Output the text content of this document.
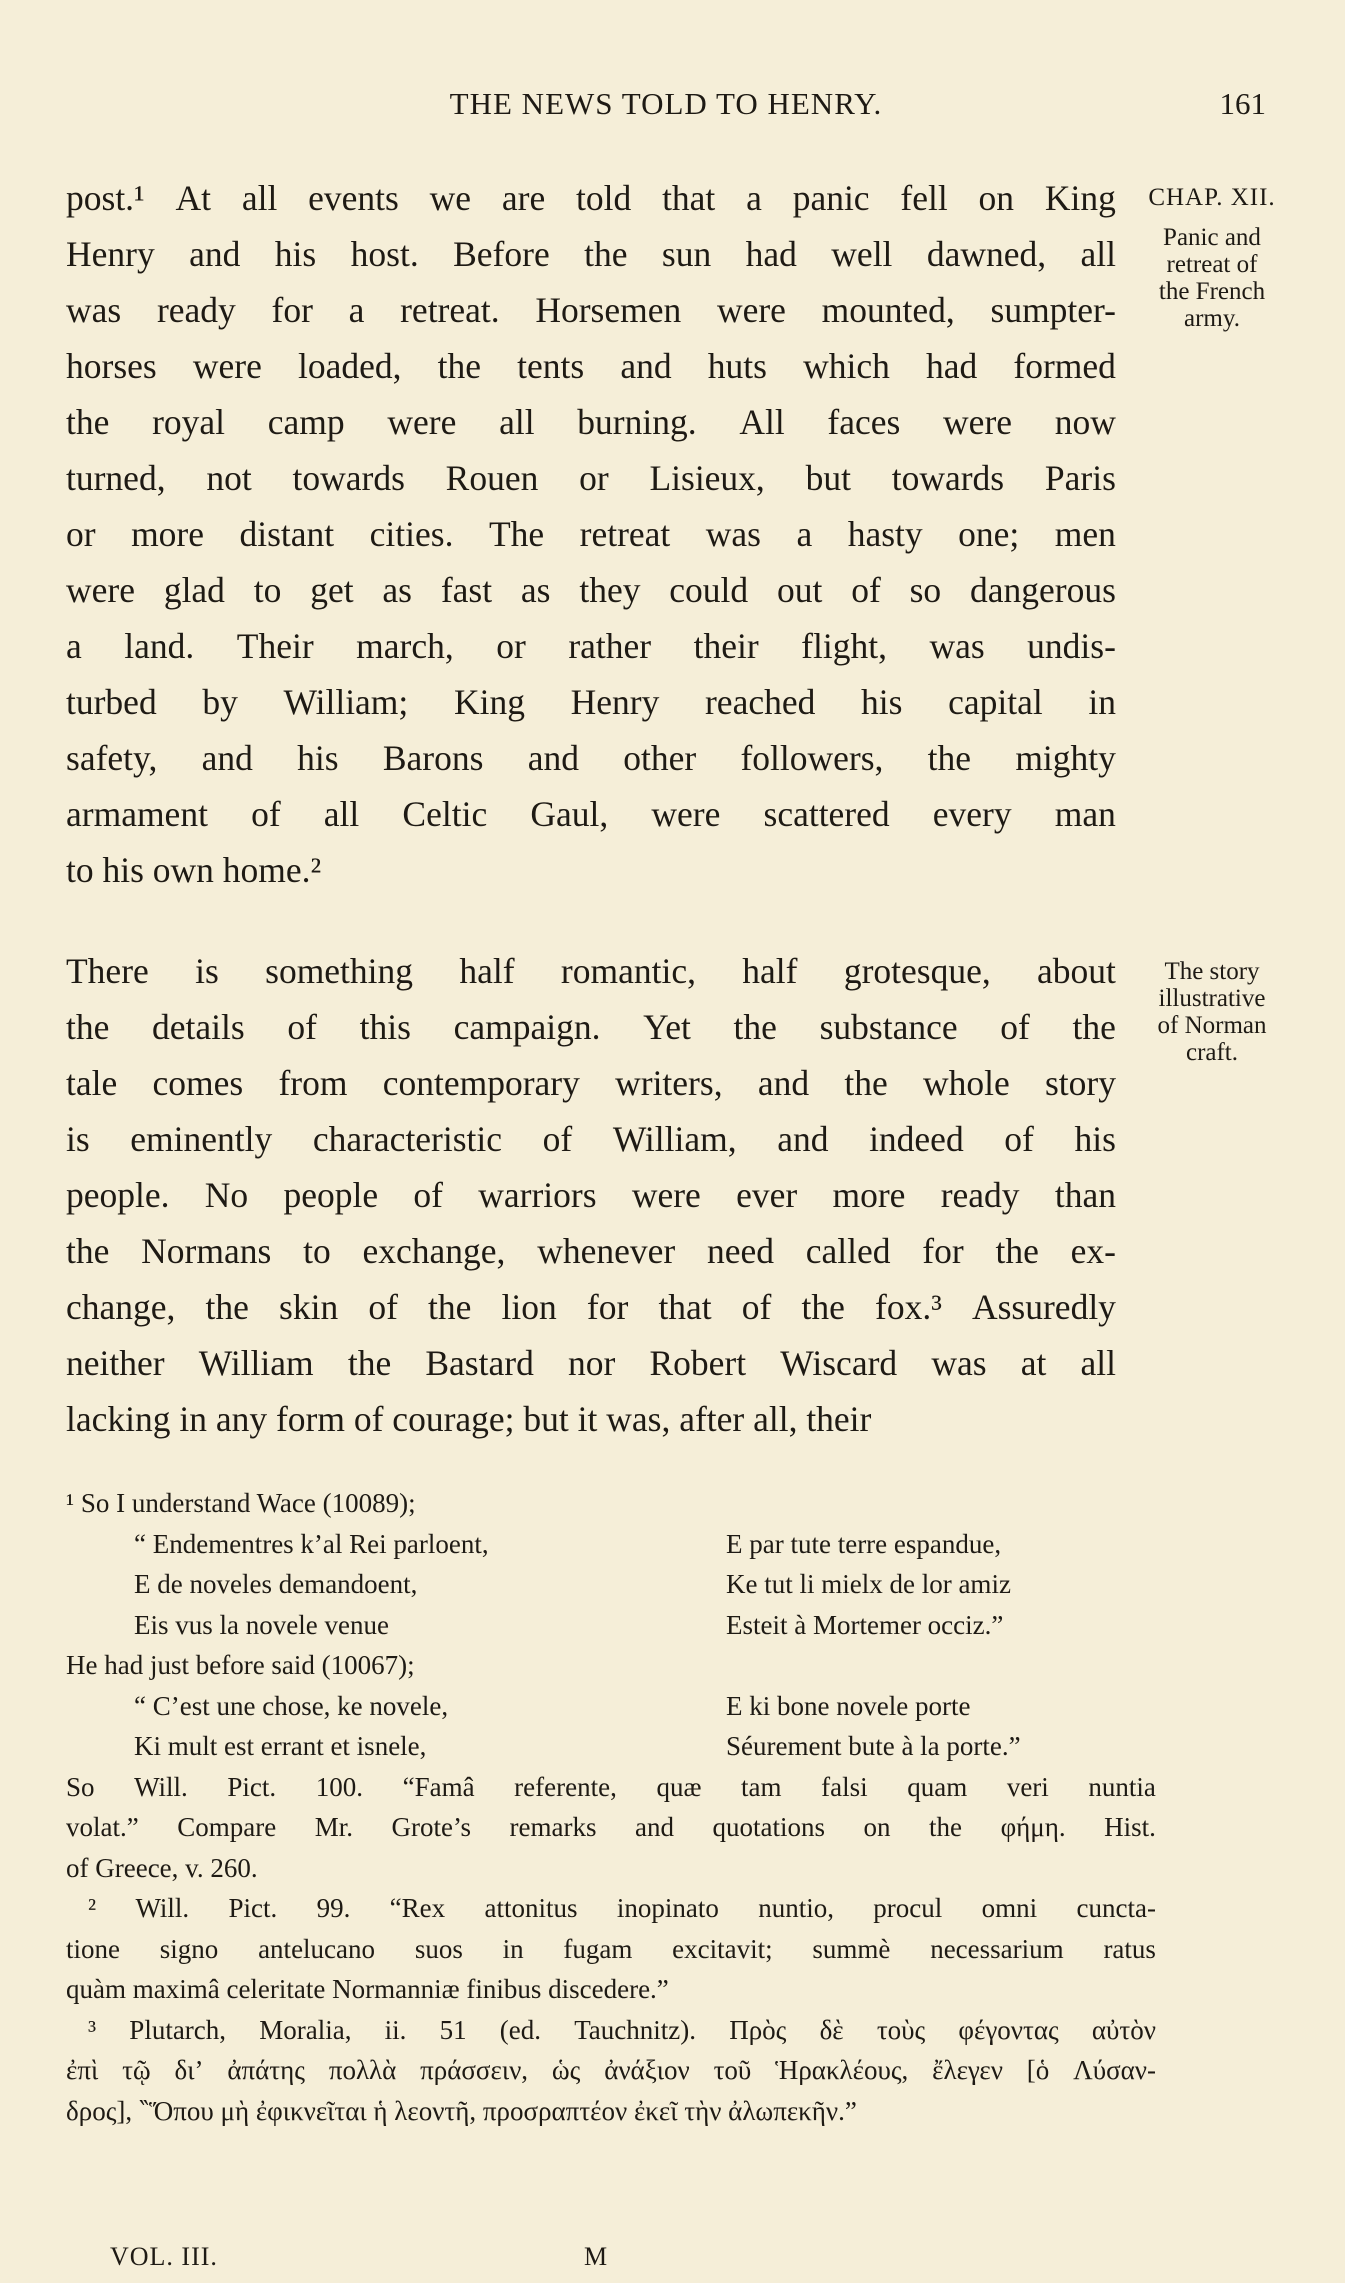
THE NEWS TOLD TO HENRY.	161
post.¹ At all events we are told that a panic fell on King
Henry and his host. Before the sun had well dawned, all
was ready for a retreat. Horsemen were mounted, sumpter-
horses were loaded, the tents and huts which had formed
the royal camp were all burning. All faces were now
turned, not towards Rouen or Lisieux, but towards Paris
or more distant cities. The retreat was a hasty one; men
were glad to get as fast as they could out of so dangerous
a land. Their march, or rather their flight, was undis-
turbed by William; King Henry reached his capital in
safety, and his Barons and other followers, the mighty
armament of all Celtic Gaul, were scattered every man
to his own home.²
There is something half romantic, half grotesque, about
the details of this campaign. Yet the substance of the
tale comes from contemporary writers, and the whole story
is eminently characteristic of William, and indeed of his
people. No people of warriors were ever more ready than
the Normans to exchange, whenever need called for the ex-
change, the skin of the lion for that of the fox.³ Assuredly
neither William the Bastard nor Robert Wiscard was at all
lacking in any form of courage; but it was, after all, their
CHAP. XII.
Panic and
retreat of
the French
army.
The story
illustrative
of Norman
craft.
¹ So I understand Wace (10089);
“ Endementres k’al Rei parloent,	E par tute terre espandue,
E de noveles demandoent,	Ke tut li mielx de lor amiz
Eis vus la novele venue	Esteit à Mortemer occiz.”
He had just before said (10067);
“ C’est une chose, ke novele,	E ki bone novele porte
Ki mult est errant et isnele,	Séurement bute à la porte.”
So Will. Pict. 100. “Famâ referente, quæ tam falsi quam veri nuntia
volat.” Compare Mr. Grote’s remarks and quotations on the φήμη. Hist.
of Greece, v. 260.
² Will. Pict. 99. “Rex attonitus inopinato nuntio, procul omni cuncta-
tione signo antelucano suos in fugam excitavit; summè necessarium ratus
quàm maximâ celeritate Normanniæ finibus discedere.”
³ Plutarch, Moralia, ii. 51 (ed. Tauchnitz). Πρὸς δὲ τοὺς φέγοντας αὐτὸν
ἐπὶ τῷ δι’ ἀπάτης πολλὰ πράσσειν, ὡς ἀνάξιον τοῦ Ἡρακλέους, ἔλεγεν [ὁ Λύσαν-
δρος], ‶Ὅπου μὴ ἐφικνεῖται ἡ λεοντῆ, προσραπτέον ἐκεῖ τὴν ἀλωπεκῆν.”
VOL. III.	M
